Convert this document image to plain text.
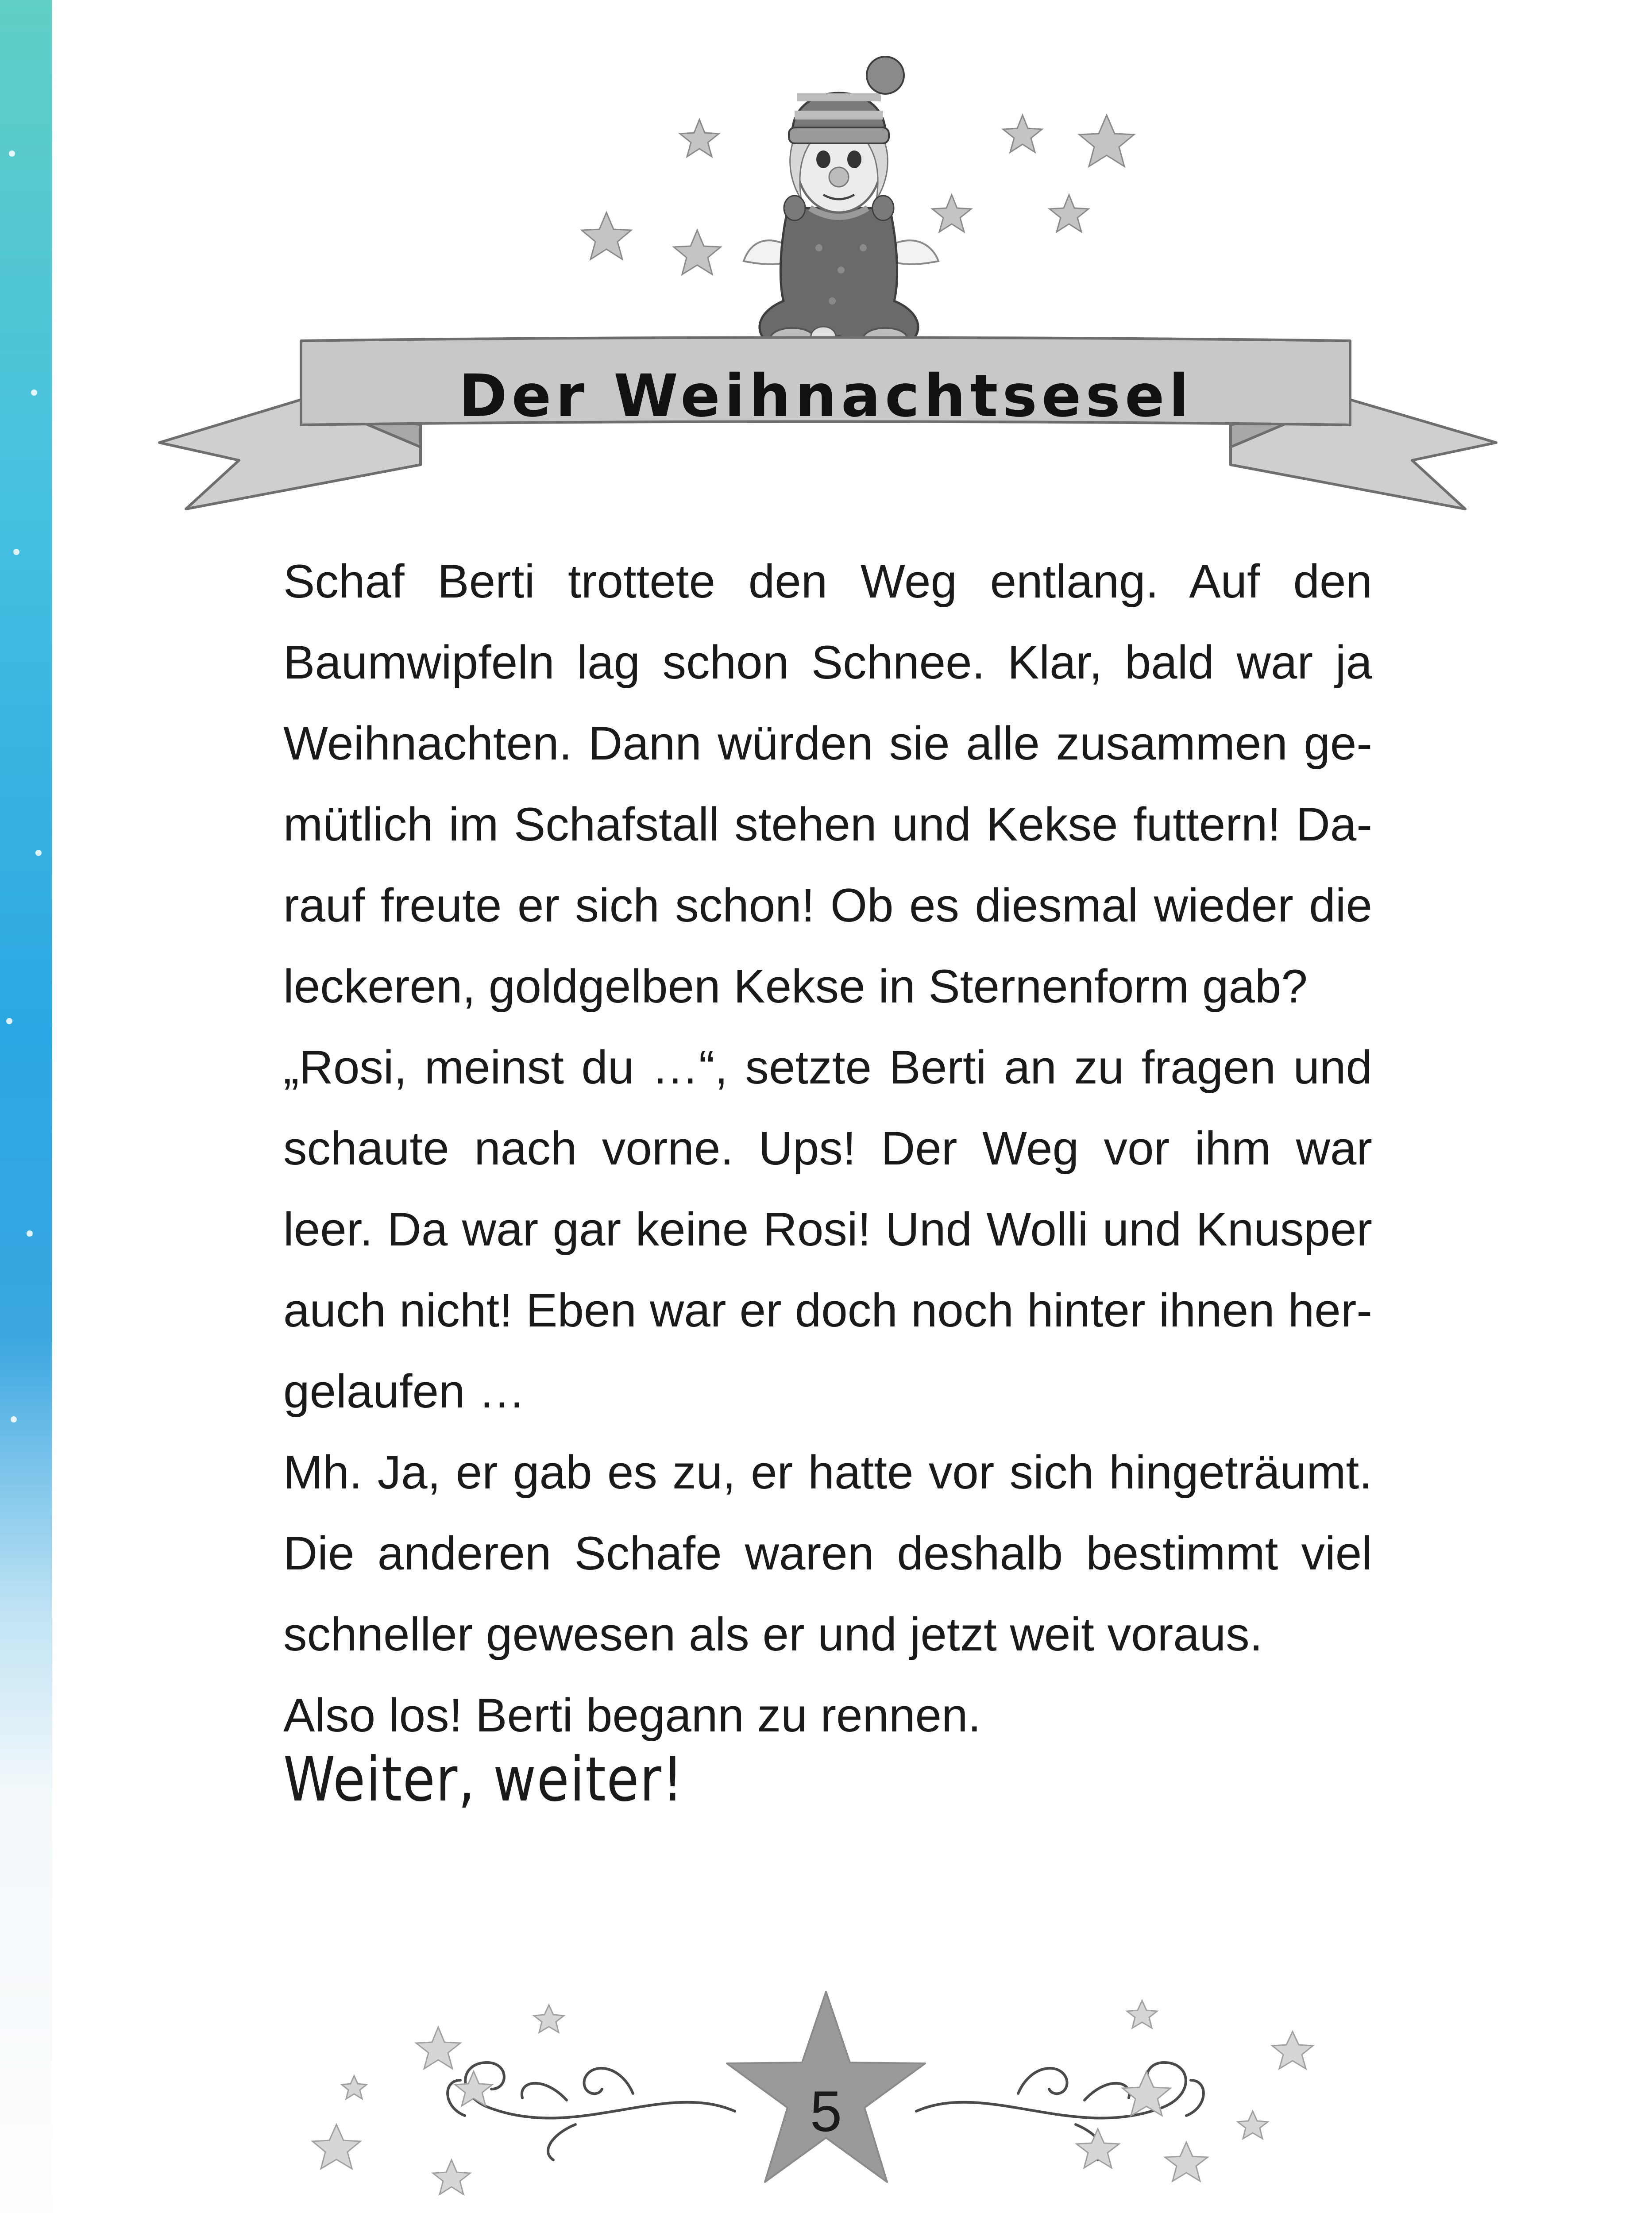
Der Weihnachtsesel
Schaf Berti trottete den Weg entlang. Auf den
Baumwipfeln lag schon Schnee. Klar, bald war ja
Weihnachten. Dann würden sie alle zusammen ge-
mütlich im Schafstall stehen und Kekse futtern! Da-
rauf freute er sich schon! Ob es diesmal wieder die
leckeren, goldgelben Kekse in Sternenform gab?
„Rosi, meinst du …“, setzte Berti an zu fragen und
schaute nach vorne. Ups! Der Weg vor ihm war
leer. Da war gar keine Rosi! Und Wolli und Knusper
auch nicht! Eben war er doch noch hinter ihnen her-
gelaufen …
Mh. Ja, er gab es zu, er hatte vor sich hingeträumt.
Die anderen Schafe waren deshalb bestimmt viel
schneller gewesen als er und jetzt weit voraus.
Also los! Berti begann zu rennen.
Weiter, weiter!
5
